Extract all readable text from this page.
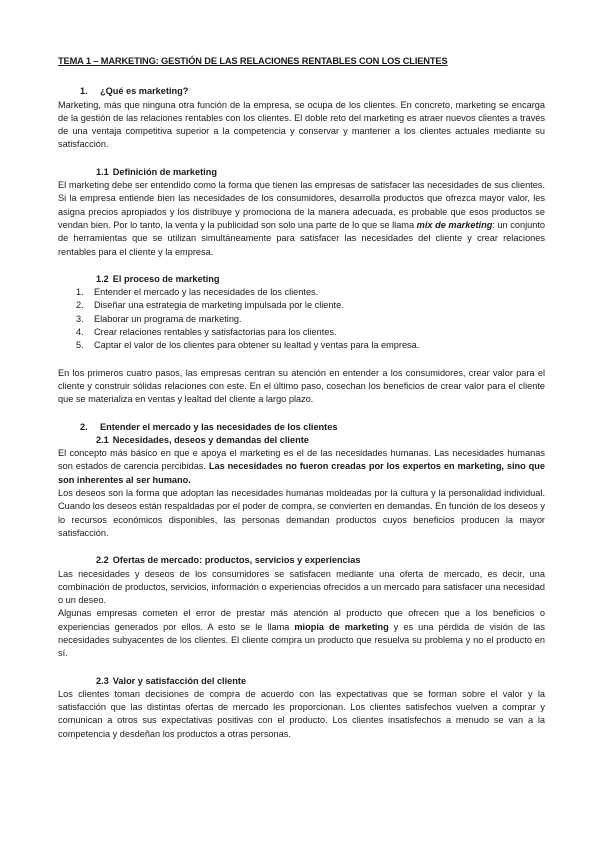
TEMA 1 – MARKETING: GESTIÓN DE LAS RELACIONES RENTABLES CON LOS CLIENTES
1. ¿Qué es marketing?

Marketing, más que ninguna otra función de la empresa, se ocupa de los clientes. En concreto, marketing se encarga de la gestión de las relaciones rentables con los clientes. El doble reto del marketing es atraer nuevos clientes a través de una ventaja competitiva superior a la competencia y conservar y mantener a los clientes actuales mediante su satisfacción.

1.1 Definición de marketing

El marketing debe ser entendido como la forma que tienen las empresas de satisfacer las necesidades de sus clientes. Si la empresa entiende bien las necesidades de los consumidores, desarrolla productos que ofrezca mayor valor, les asigna precios apropiados y los distribuye y promociona de la manera adecuada, es probable que esos productos se vendan bien. Por lo tanto, la venta y la publicidad son solo una parte de lo que se llama mix de marketing: un conjunto de herramientas que se utilizan simultáneamente para satisfacer las necesidades del cliente y crear relaciones rentables para el cliente y la empresa.

1.2 El proceso de marketing
1. Entender el mercado y las necesidades de los clientes.
2. Diseñar una estrategia de marketing impulsada por le cliente.
3. Elaborar un programa de marketing.
4. Crear relaciones rentables y satisfactorias para los clientes.
5. Captar el valor de los clientes para obtener su lealtad y ventas para la empresa.

En los primeros cuatro pasos, las empresas centran su atención en entender a los consumidores, crear valor para el cliente y construir sólidas relaciones con este. En el último paso, cosechan los beneficios de crear valor para el cliente que se materializa en ventas y lealtad del cliente a largo plazo.

2. Entender el mercado y las necesidades de los clientes
2.1 Necesidades, deseos y demandas del cliente

El concepto más básico en que e apoya el marketing es el de las necesidades humanas. Las necesidades humanas son estados de carencia percibidas. Las necesidades no fueron creadas por los expertos en marketing, sino que son inherentes al ser humano.

Los deseos son la forma que adoptan las necesidades humanas moldeadas por la cultura y la personalidad individual. Cuando los deseos están respaldadas por el poder de compra, se convierten en demandas. En función de los deseos y lo recursos económicos disponibles, las personas demandan productos cuyos beneficios producen la mayor satisfacción.

2.2 Ofertas de mercado: productos, servicios y experiencias

Las necesidades y deseos de los consumidores se satisfacen mediante una oferta de mercado, es decir, una combinación de productos, servicios, información o experiencias ofrecidos a un mercado para satisfacer una necesidad o un deseo.

Algunas empresas cometen el error de prestar más atención al producto que ofrecen que a los beneficios o experiencias generados por ellos. A esto se le llama miopía de marketing y es una pérdida de visión de las necesidades subyacentes de los clientes. El cliente compra un producto que resuelva su problema y no el producto en sí.

2.3 Valor y satisfacción del cliente

Los clientes toman decisiones de compra de acuerdo con las expectativas que se forman sobre el valor y la satisfacción que las distintas ofertas de mercado les proporcionan. Los clientes satisfechos vuelven a comprar y comunican a otros sus expectativas positivas con el producto. Los clientes insatisfechos a menudo se van a la competencia y desdeñan los productos a otras personas.
